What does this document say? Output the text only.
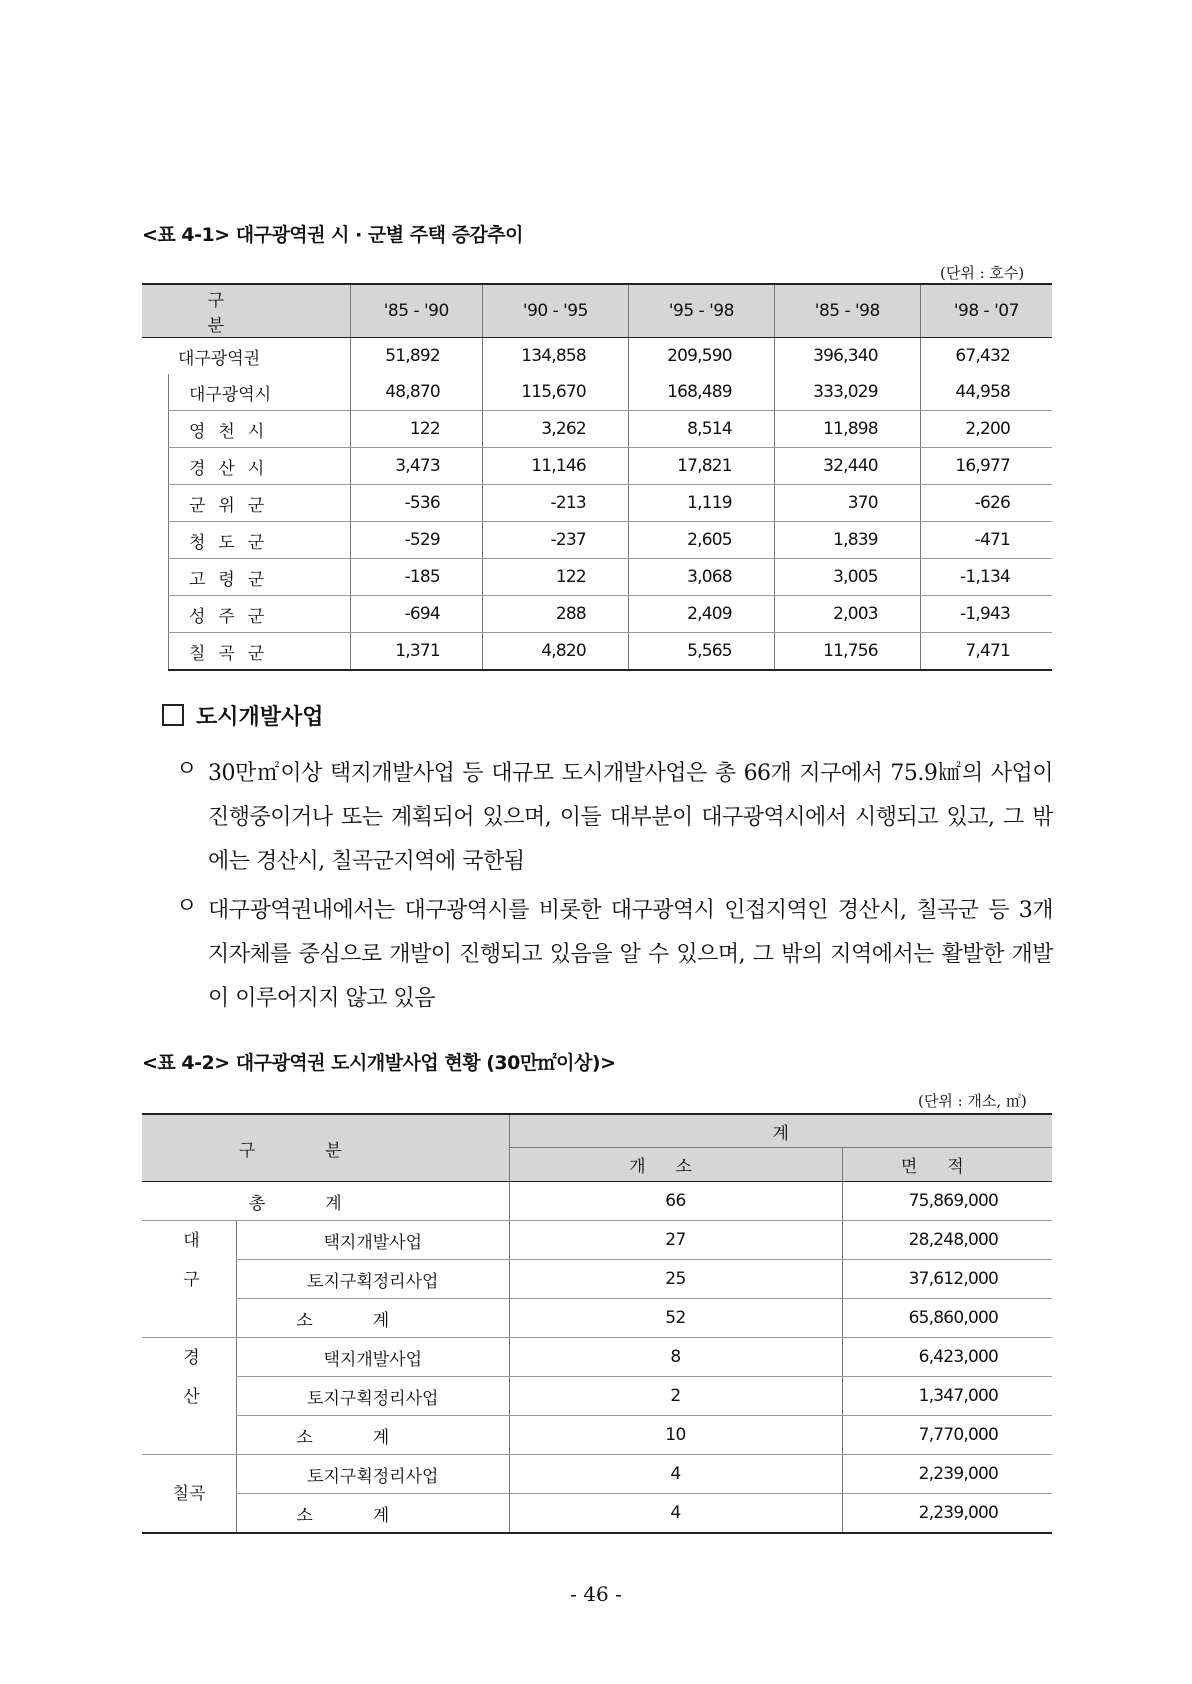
<표 4-1> 대구광역권 시 · 군별 주택 증감추이
(단위 : 호수)
구 분		'85 - '90	'90 - '95	'95 - '98	'85 - '98	'98 - '07
대구광역권		51,892	134,858	209,590	396,340	67,432
	대구광역시	48,870	115,670	168,489	333,029	44,958
	영천시	122	3,262	8,514	11,898	2,200
	경산시	3,473	11,146	17,821	32,440	16,977
	군위군	-536	-213	1,119	370	-626
	청도군	-529	-237	2,605	1,839	-471
	고령군	-185	122	3,068	3,005	-1,134
	성주군	-694	288	2,409	2,003	-1,943
	칠곡군	1,371	4,820	5,565	11,756	7,471
도시개발사업
ㅇ 30만㎡이상 택지개발사업 등 대규모 도시개발사업은 총 66개 지구에서 75.9㎢의 사업이 진행중이거나 또는 계획되어 있으며, 이들 대부분이 대구광역시에서 시행되고 있고, 그 밖에는 경산시, 칠곡군지역에 국한됨
ㅇ 대구광역권내에서는 대구광역시를 비롯한 대구광역시 인접지역인 경산시, 칠곡군 등 3개 지자체를 중심으로 개발이 진행되고 있음을 알 수 있으며, 그 밖의 지역에서는 활발한 개발이 이루어지지 않고 있음
<표 4-2> 대구광역권 도시개발사업 현황 (30만㎡이상)>
(단위 : 개소, ㎡)
구분		계	
		개소	면적
총계		66	75,869,000
대구	택지개발사업	27	28,248,000
	토지구획정리사업	25	37,612,000
	소계	52	65,860,000
경산	택지개발사업	8	6,423,000
	토지구획정리사업	2	1,347,000
	소계	10	7,770,000
칠곡	토지구획정리사업	4	2,239,000
	소계	4	2,239,000
- 46 -
